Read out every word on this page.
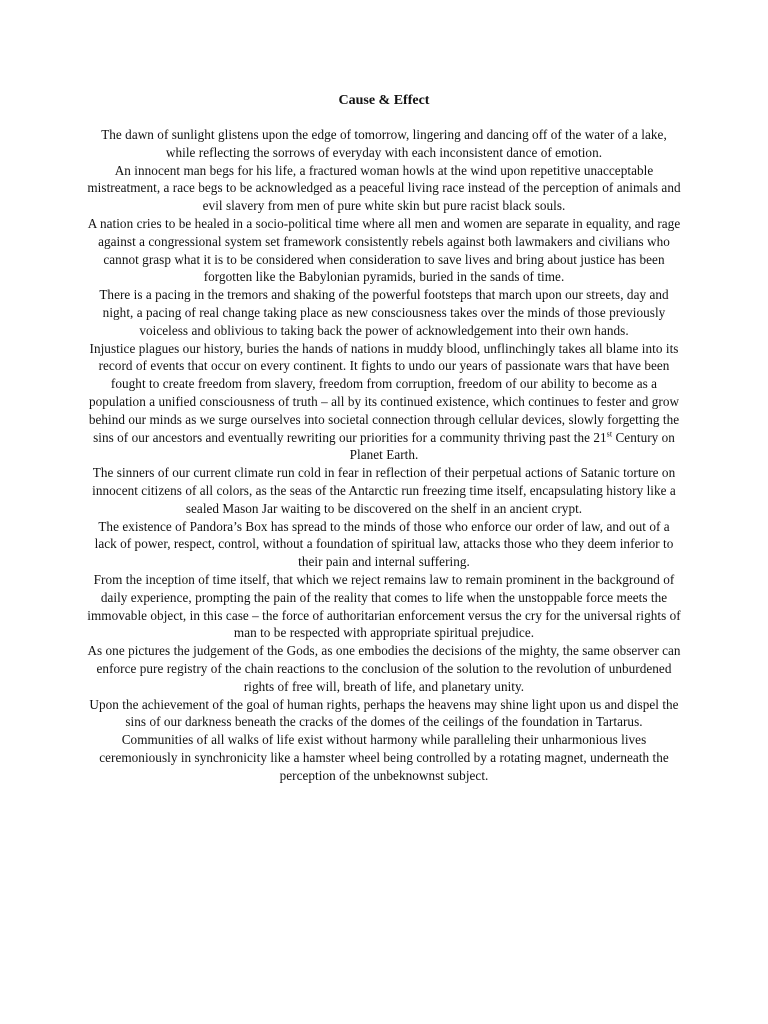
Cause & Effect

The dawn of sunlight glistens upon the edge of tomorrow, lingering and dancing off of the water of a lake, while reflecting the sorrows of everyday with each inconsistent dance of emotion.

An innocent man begs for his life, a fractured woman howls at the wind upon repetitive unacceptable mistreatment, a race begs to be acknowledged as a peaceful living race instead of the perception of animals and evil slavery from men of pure white skin but pure racist black souls.

A nation cries to be healed in a socio-political time where all men and women are separate in equality, and rage against a congressional system set framework consistently rebels against both lawmakers and civilians who cannot grasp what it is to be considered when consideration to save lives and bring about justice has been forgotten like the Babylonian pyramids, buried in the sands of time.

There is a pacing in the tremors and shaking of the powerful footsteps that march upon our streets, day and night, a pacing of real change taking place as new consciousness takes over the minds of those previously voiceless and oblivious to taking back the power of acknowledgement into their own hands.

Injustice plagues our history, buries the hands of nations in muddy blood, unflinchingly takes all blame into its record of events that occur on every continent. It fights to undo our years of passionate wars that have been fought to create freedom from slavery, freedom from corruption, freedom of our ability to become as a population a unified consciousness of truth – all by its continued existence, which continues to fester and grow behind our minds as we surge ourselves into societal connection through cellular devices, slowly forgetting the sins of our ancestors and eventually rewriting our priorities for a community thriving past the 21st Century on Planet Earth.

The sinners of our current climate run cold in fear in reflection of their perpetual actions of Satanic torture on innocent citizens of all colors, as the seas of the Antarctic run freezing time itself, encapsulating history like a sealed Mason Jar waiting to be discovered on the shelf in an ancient crypt.

The existence of Pandora’s Box has spread to the minds of those who enforce our order of law, and out of a lack of power, respect, control, without a foundation of spiritual law, attacks those who they deem inferior to their pain and internal suffering.

From the inception of time itself, that which we reject remains law to remain prominent in the background of daily experience, prompting the pain of the reality that comes to life when the unstoppable force meets the immovable object, in this case – the force of authoritarian enforcement versus the cry for the universal rights of man to be respected with appropriate spiritual prejudice.

As one pictures the judgement of the Gods, as one embodies the decisions of the mighty, the same observer can enforce pure registry of the chain reactions to the conclusion of the solution to the revolution of unburdened rights of free will, breath of life, and planetary unity.

Upon the achievement of the goal of human rights, perhaps the heavens may shine light upon us and dispel the sins of our darkness beneath the cracks of the domes of the ceilings of the foundation in Tartarus.

Communities of all walks of life exist without harmony while paralleling their unharmonious lives ceremoniously in synchronicity like a hamster wheel being controlled by a rotating magnet, underneath the perception of the unbeknownst subject.
